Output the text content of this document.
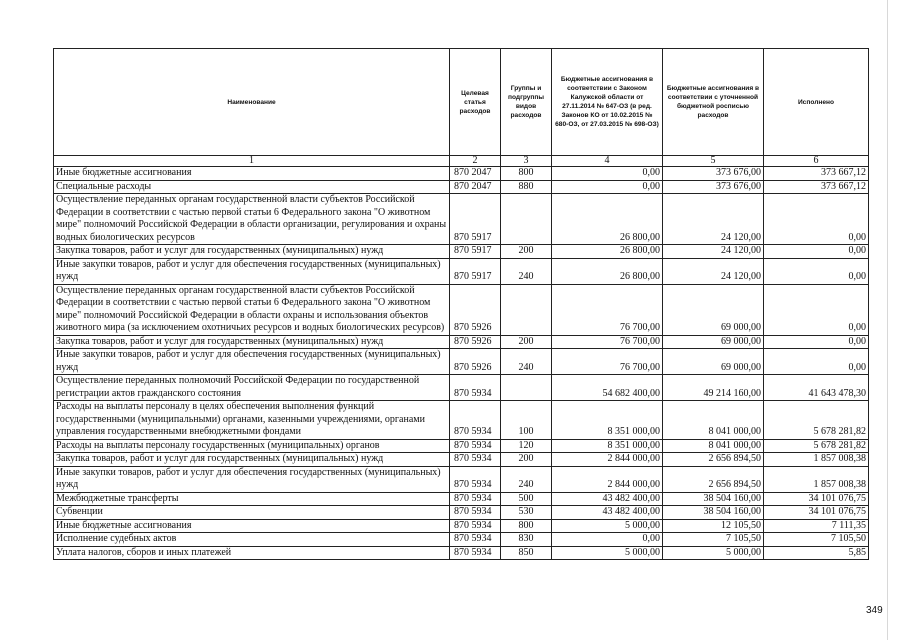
Наименование	Целевая статья расходов	Группы и подгруппы видов расходов	Бюджетные ассигнования в соответствии с Законом Калужской области от 27.11.2014 № 647-ОЗ (в ред. Законов КО от 10.02.2015 № 680-ОЗ, от 27.03.2015 № 698-ОЗ)	Бюджетные ассигнования в соответствии с уточненной бюджетной росписью расходов	Исполнено
1	2	3	4	5	6
Иные бюджетные ассигнования	870 2047	800	0,00	373 676,00	373 667,12
Специальные расходы	870 2047	880	0,00	373 676,00	373 667,12
Осуществление переданных органам государственной власти субъектов Российской Федерации в соответствии с частью первой статьи 6 Федерального закона "О животном мире" полномочий Российской Федерации в области организации, регулирования и охраны водных биологических ресурсов	870 5917		26 800,00	24 120,00	0,00
Закупка товаров, работ и услуг для государственных (муниципальных) нужд	870 5917	200	26 800,00	24 120,00	0,00
Иные закупки товаров, работ и услуг для обеспечения государственных (муниципальных) нужд	870 5917	240	26 800,00	24 120,00	0,00
Осуществление переданных органам государственной власти субъектов Российской Федерации в соответствии с частью первой статьи 6 Федерального закона "О животном мире" полномочий Российской Федерации в области охраны и использования объектов животного мира (за исключением охотничьих ресурсов и водных биологических ресурсов)	870 5926		76 700,00	69 000,00	0,00
Закупка товаров, работ и услуг для государственных (муниципальных) нужд	870 5926	200	76 700,00	69 000,00	0,00
Иные закупки товаров, работ и услуг для обеспечения государственных (муниципальных) нужд	870 5926	240	76 700,00	69 000,00	0,00
Осуществление переданных полномочий Российской Федерации по государственной регистрации актов гражданского состояния	870 5934		54 682 400,00	49 214 160,00	41 643 478,30
Расходы на выплаты персоналу в целях обеспечения выполнения функций государственными (муниципальными) органами, казенными учреждениями, органами управления государственными внебюджетными фондами	870 5934	100	8 351 000,00	8 041 000,00	5 678 281,82
Расходы на выплаты персоналу государственных (муниципальных) органов	870 5934	120	8 351 000,00	8 041 000,00	5 678 281,82
Закупка товаров, работ и услуг для государственных (муниципальных) нужд	870 5934	200	2 844 000,00	2 656 894,50	1 857 008,38
Иные закупки товаров, работ и услуг для обеспечения государственных (муниципальных) нужд	870 5934	240	2 844 000,00	2 656 894,50	1 857 008,38
Межбюджетные трансферты	870 5934	500	43 482 400,00	38 504 160,00	34 101 076,75
Субвенции	870 5934	530	43 482 400,00	38 504 160,00	34 101 076,75
Иные бюджетные ассигнования	870 5934	800	5 000,00	12 105,50	7 111,35
Исполнение судебных актов	870 5934	830	0,00	7 105,50	7 105,50
Уплата налогов, сборов и иных платежей	870 5934	850	5 000,00	5 000,00	5,85
349
